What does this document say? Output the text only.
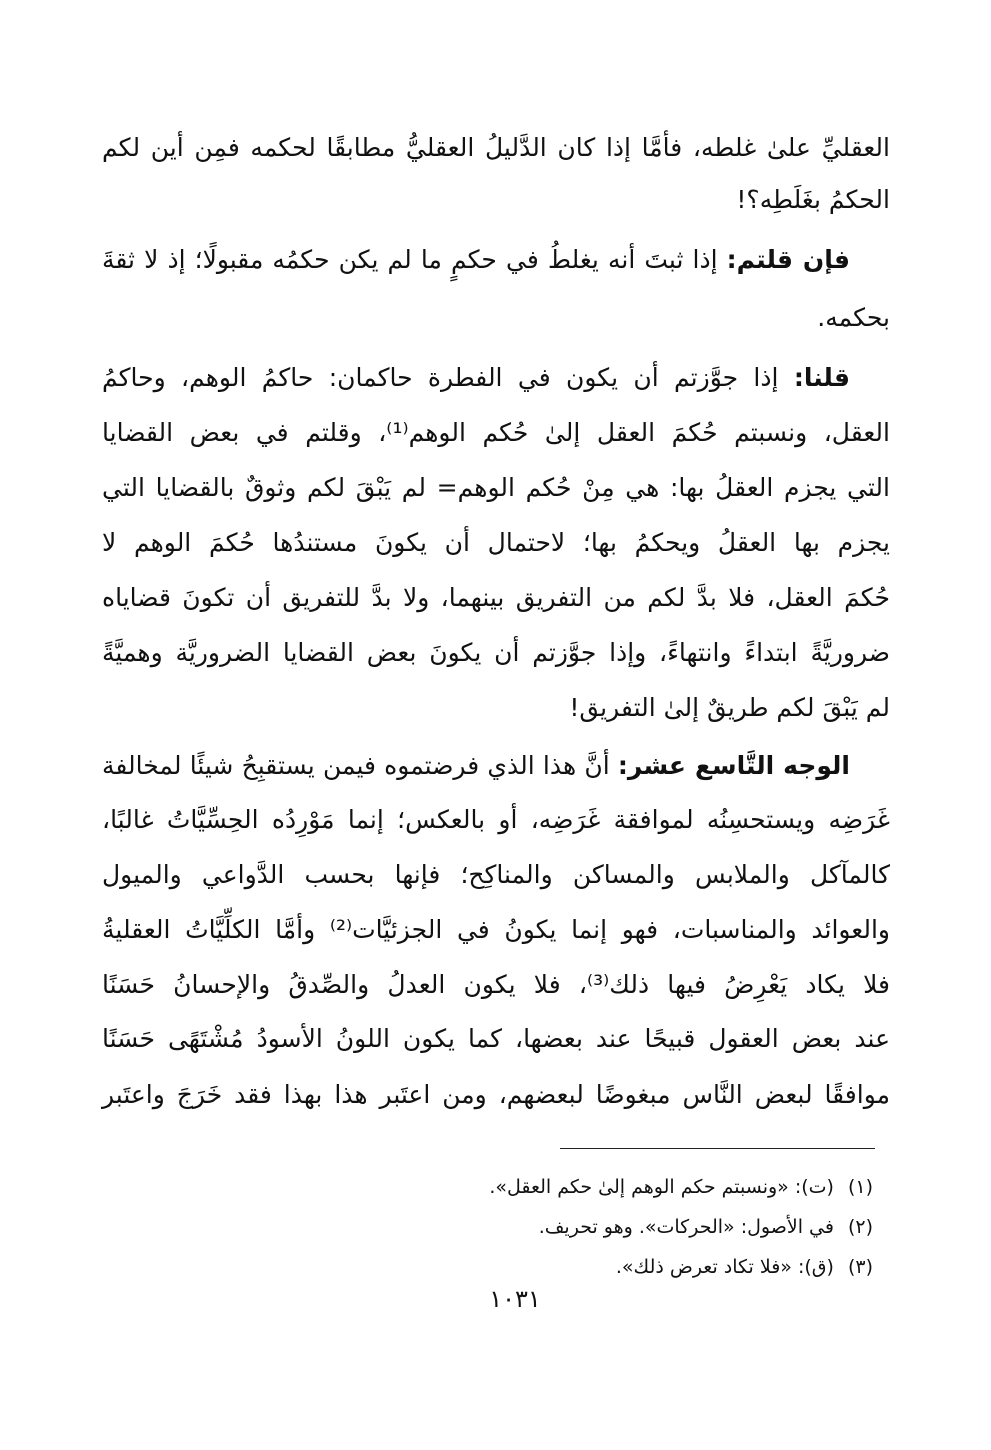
العقليِّ علىٰ غلطه، فأمَّا إذا كان الدَّليلُ العقليُّ مطابقًا لحكمه فمِن أين لكم
الحكمُ بغَلَطِه؟!
فإن قلتم: إذا ثبتَ أنه يغلطُ في حكمٍ ما لم يكن حكمُه مقبولًا؛ إذ لا ثقةَ
بحكمه.
قلنا: إذا جوَّزتم أن يكون في الفطرة حاكمان: حاكمُ الوهم، وحاكمُ
العقل، ونسبتم حُكمَ العقل إلىٰ حُكم الوهم⁽¹⁾، وقلتم في بعض القضايا
التي يجزم العقلُ بها: هي مِنْ حُكم الوهم= لم يَبْقَ لكم وثوقٌ بالقضايا التي
يجزم بها العقلُ ويحكمُ بها؛ لاحتمال أن يكونَ مستندُها حُكمَ الوهم لا
حُكمَ العقل، فلا بدَّ لكم من التفريق بينهما، ولا بدَّ للتفريق أن تكونَ قضاياه
ضروريَّةً ابتداءً وانتهاءً، وإذا جوَّزتم أن يكونَ بعض القضايا الضروريَّة وهميَّةً
لم يَبْقَ لكم طريقٌ إلىٰ التفريق!
الوجه التَّاسع عشر: أنَّ هذا الذي فرضتموه فيمن يستقبِحُ شيئًا لمخالفة
غَرَضِه ويستحسِنُه لموافقة غَرَضِه، أو بالعكس؛ إنما مَوْرِدُه الحِسِّيَّاتُ غالبًا،
كالمآكل والملابس والمساكن والمناكِح؛ فإنها بحسب الدَّواعي والميول
والعوائد والمناسبات، فهو إنما يكونُ في الجزئيَّات⁽²⁾ وأمَّا الكلِّيَّاتُ العقليةُ
فلا يكاد يَعْرِضُ فيها ذلك⁽³⁾، فلا يكون العدلُ والصِّدقُ والإحسانُ حَسَنًا
عند بعض العقول قبيحًا عند بعضها، كما يكون اللونُ الأسودُ مُشْتَهًى حَسَنًا
موافقًا لبعض النَّاس مبغوضًا لبعضهم، ومن اعتَبر هذا بهذا فقد خَرَجَ واعتَبر
(١)(ت): «ونسبتم حكم الوهم إلىٰ حكم العقل».
(٢)في الأصول: «الحركات». وهو تحريف.
(٣)(ق): «فلا تكاد تعرض ذلك».
١٠٣١
